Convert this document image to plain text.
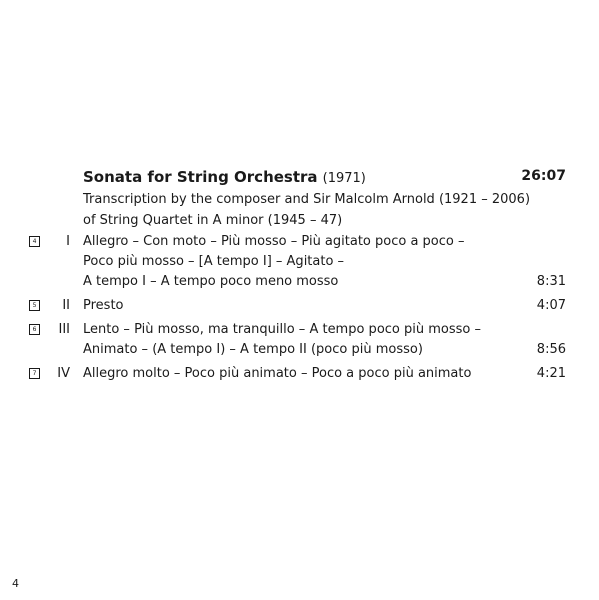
Sonata for String Orchestra (1971)	26:07
Transcription by the composer and Sir Malcolm Arnold (1921 – 2006)
of String Quartet in A minor (1945 – 47)
4 I Allegro – Con moto – Più mosso – Più agitato poco a poco –
Poco più mosso – [A tempo I] – Agitato –
A tempo I – A tempo poco meno mosso	8:31
5 II Presto	4:07
6 III Lento – Più mosso, ma tranquillo – A tempo poco più mosso –
Animato – (A tempo I) – A tempo II (poco più mosso)	8:56
7 IV Allegro molto – Poco più animato – Poco a poco più animato	4:21
4
